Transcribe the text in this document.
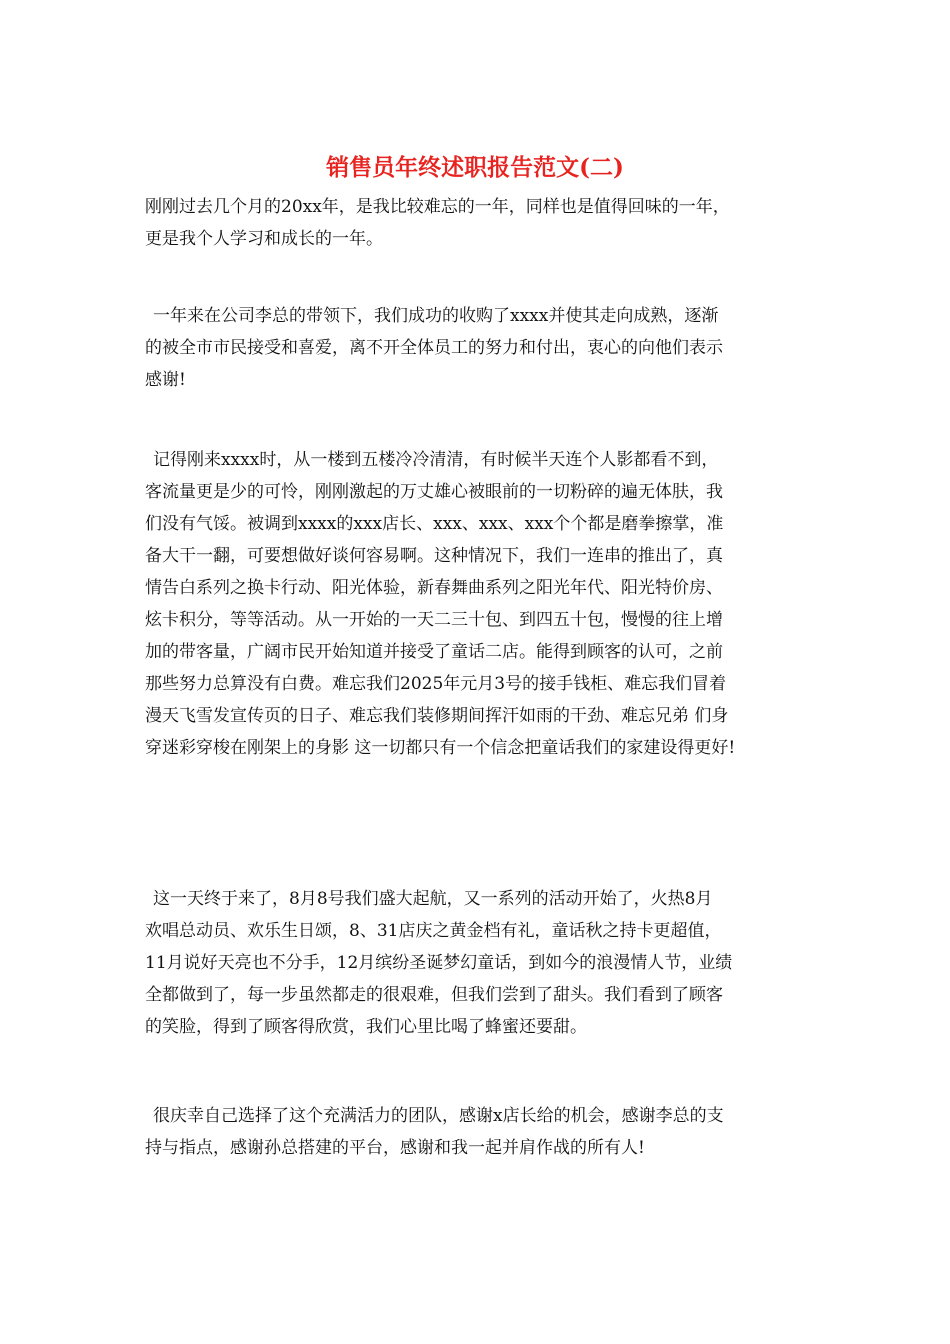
销售员年终述职报告范文(二)
刚刚过去几个月的20xx年，是我比较难忘的一年，同样也是值得回味的一年，
更是我个人学习和成长的一年。
一年来在公司李总的带领下，我们成功的收购了xxxx并使其走向成熟，逐渐
的被全市市民接受和喜爱，离不开全体员工的努力和付出，衷心的向他们表示
感谢!
记得刚来xxxx时，从一楼到五楼冷冷清清，有时候半天连个人影都看不到，
客流量更是少的可怜，刚刚激起的万丈雄心被眼前的一切粉碎的遍无体肤，我
们没有气馁。被调到xxxx的xxx店长、xxx、xxx、xxx个个都是磨拳擦掌，准
备大干一翻，可要想做好谈何容易啊。这种情况下，我们一连串的推出了，真
情告白系列之换卡行动、阳光体验，新春舞曲系列之阳光年代、阳光特价房、
炫卡积分，等等活动。从一开始的一天二三十包、到四五十包，慢慢的往上增
加的带客量，广阔市民开始知道并接受了童话二店。能得到顾客的认可，之前
那些努力总算没有白费。难忘我们2025年元月3号的接手钱柜、难忘我们冒着
漫天飞雪发宣传页的日子、难忘我们装修期间挥汗如雨的干劲、难忘兄弟 们身
穿迷彩穿梭在刚架上的身影 这一切都只有一个信念把童话我们的家建设得更好!
这一天终于来了，8月8号我们盛大起航，又一系列的活动开始了，火热8月
欢唱总动员、欢乐生日颂，8、31店庆之黄金档有礼，童话秋之持卡更超值，
11月说好天亮也不分手，12月缤纷圣诞梦幻童话，到如今的浪漫情人节，业绩
全都做到了，每一步虽然都走的很艰难，但我们尝到了甜头。我们看到了顾客
的笑脸，得到了顾客得欣赏，我们心里比喝了蜂蜜还要甜。
很庆幸自己选择了这个充满活力的团队，感谢x店长给的机会，感谢李总的支
持与指点，感谢孙总搭建的平台，感谢和我一起并肩作战的所有人!
